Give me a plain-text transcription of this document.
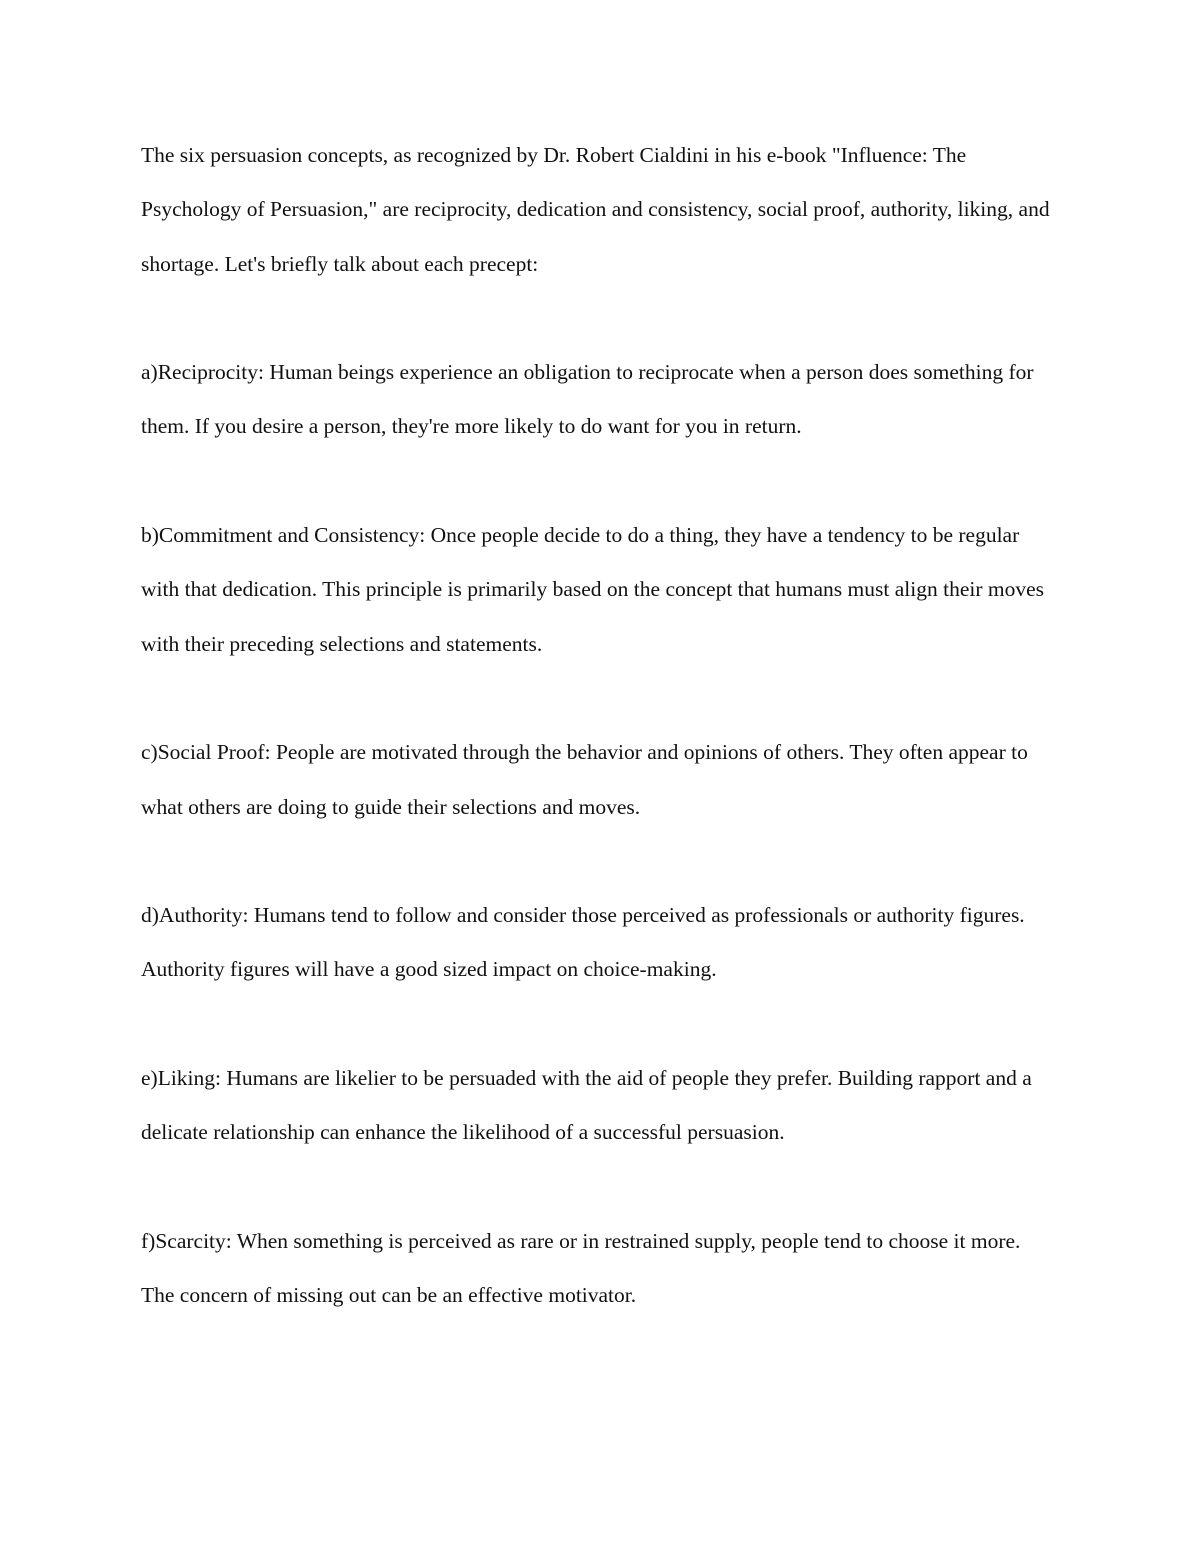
The six persuasion concepts, as recognized by Dr. Robert Cialdini in his e-book "Influence: The Psychology of Persuasion," are reciprocity, dedication and consistency, social proof, authority, liking, and shortage. Let's briefly talk about each precept:

a)Reciprocity: Human beings experience an obligation to reciprocate when a person does something for them. If you desire a person, they're more likely to do want for you in return.

b)Commitment and Consistency: Once people decide to do a thing, they have a tendency to be regular with that dedication. This principle is primarily based on the concept that humans must align their moves with their preceding selections and statements.

c)Social Proof: People are motivated through the behavior and opinions of others. They often appear to what others are doing to guide their selections and moves.

d)Authority: Humans tend to follow and consider those perceived as professionals or authority figures. Authority figures will have a good sized impact on choice-making.

e)Liking: Humans are likelier to be persuaded with the aid of people they prefer. Building rapport and a delicate relationship can enhance the likelihood of a successful persuasion.

f)Scarcity: When something is perceived as rare or in restrained supply, people tend to choose it more. The concern of missing out can be an effective motivator.
